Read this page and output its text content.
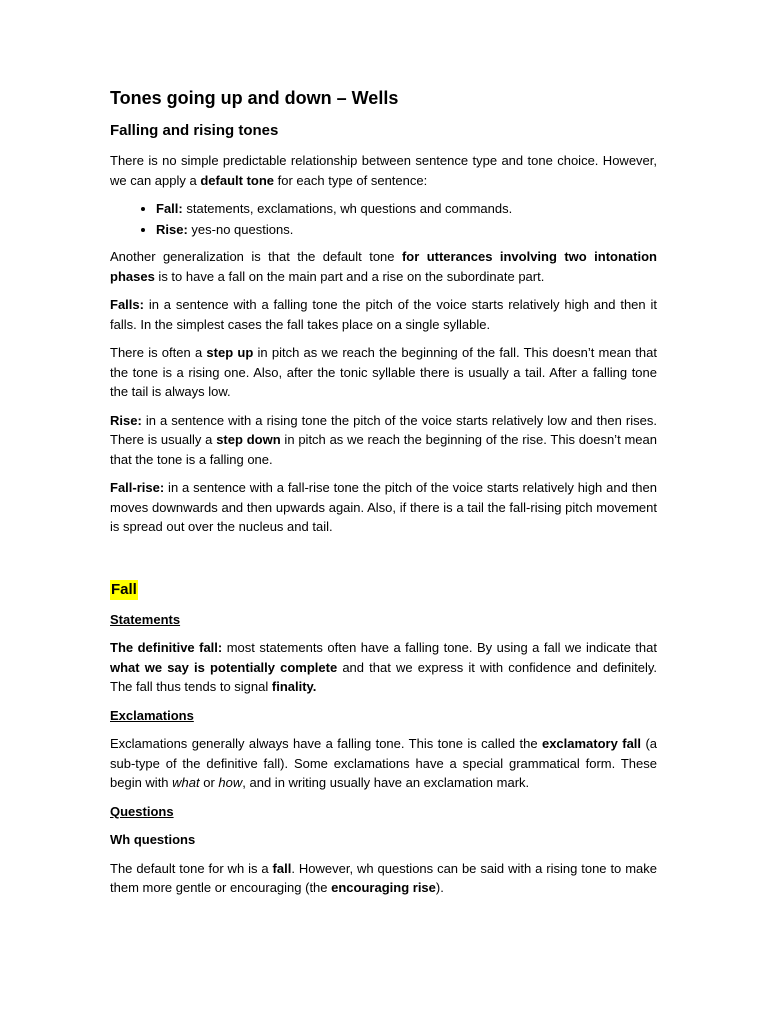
Tones going up and down – Wells
Falling and rising tones

There is no simple predictable relationship between sentence type and tone choice. However, we can apply a default tone for each type of sentence:

• Fall: statements, exclamations, wh questions and commands.
• Rise: yes-no questions.

Another generalization is that the default tone for utterances involving two intonation phases is to have a fall on the main part and a rise on the subordinate part.

Falls: in a sentence with a falling tone the pitch of the voice starts relatively high and then it falls. In the simplest cases the fall takes place on a single syllable.

There is often a step up in pitch as we reach the beginning of the fall. This doesn’t mean that the tone is a rising one. Also, after the tonic syllable there is usually a tail. After a falling tone the tail is always low.

Rise: in a sentence with a rising tone the pitch of the voice starts relatively low and then rises. There is usually a step down in pitch as we reach the beginning of the rise. This doesn’t mean that the tone is a falling one.

Fall-rise: in a sentence with a fall-rise tone the pitch of the voice starts relatively high and then moves downwards and then upwards again. Also, if there is a tail the fall-rising pitch movement is spread out over the nucleus and tail.

Fall
Statements

The definitive fall: most statements often have a falling tone. By using a fall we indicate that what we say is potentially complete and that we express it with confidence and definitely. The fall thus tends to signal finality.

Exclamations

Exclamations generally always have a falling tone. This tone is called the exclamatory fall (a sub-type of the definitive fall). Some exclamations have a special grammatical form. These begin with what or how, and in writing usually have an exclamation mark.

Questions
Wh questions

The default tone for wh is a fall. However, wh questions can be said with a rising tone to make them more gentle or encouraging (the encouraging rise).
